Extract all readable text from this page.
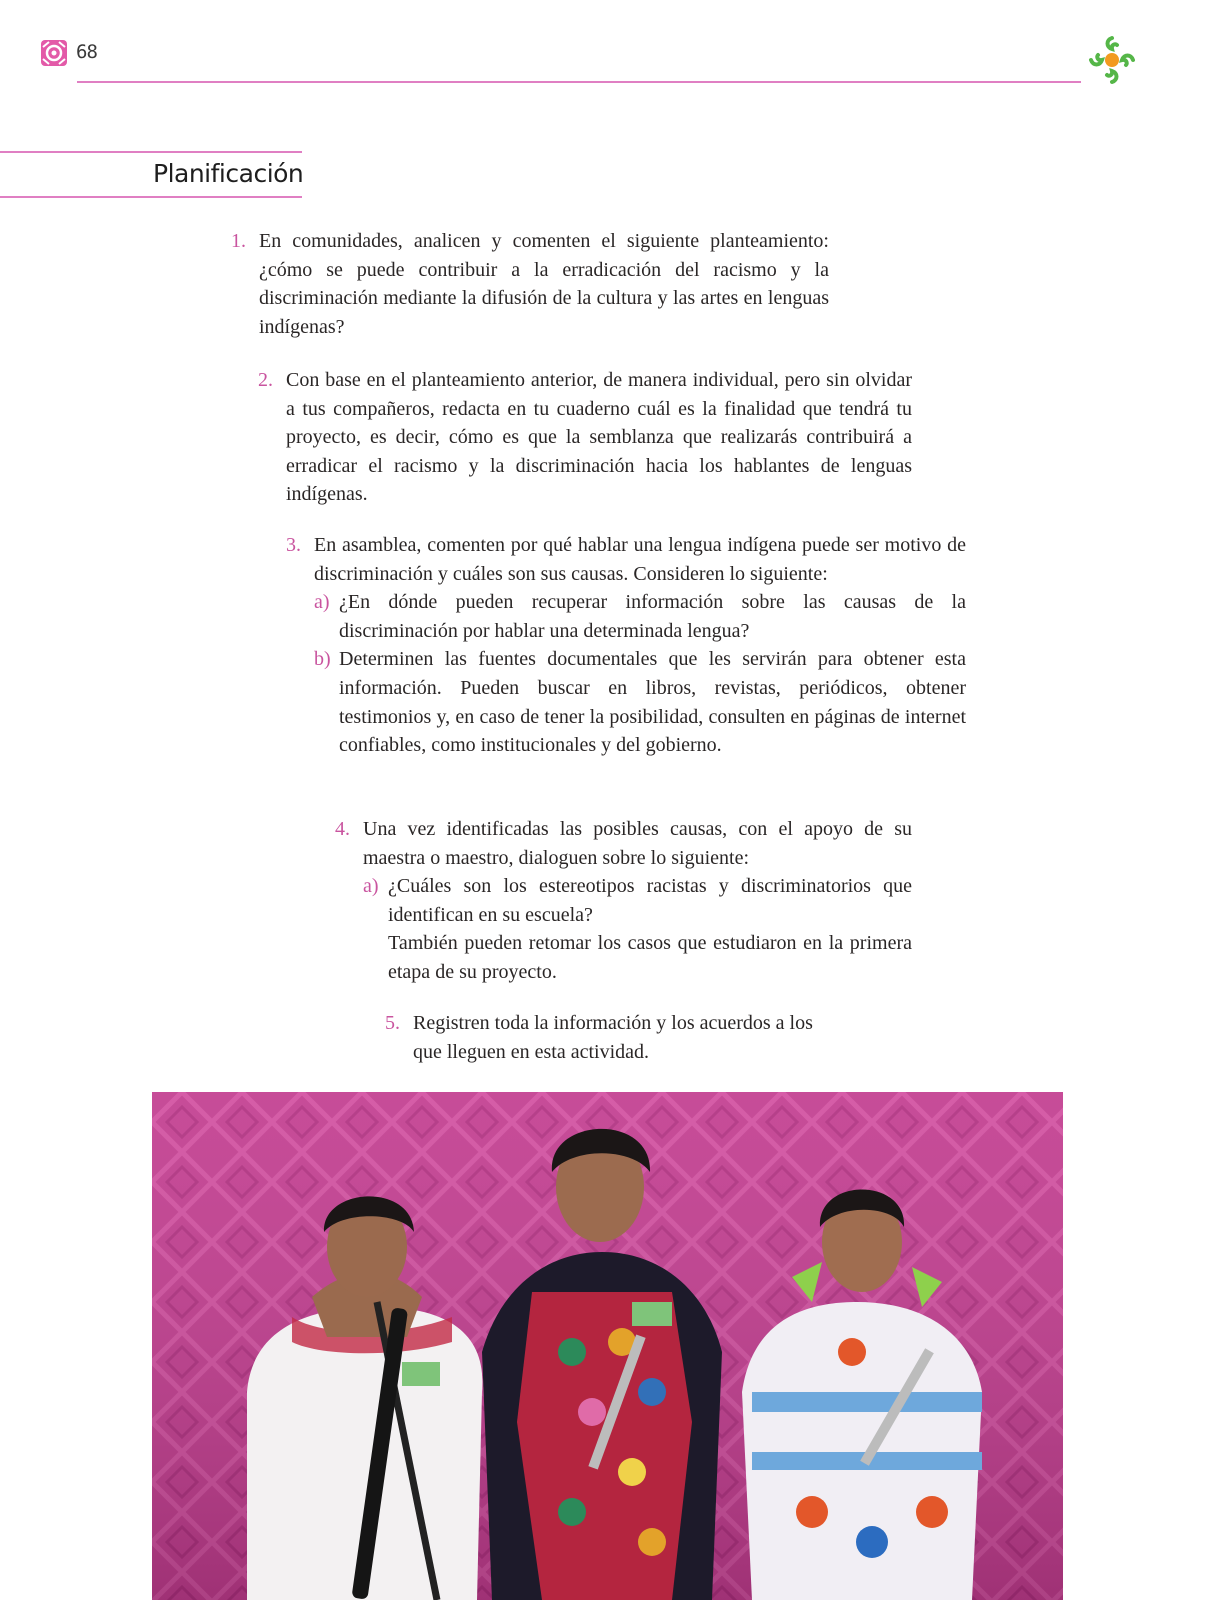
68
Planificación
1. En comunidades, analicen y comenten el siguiente planteamiento: ¿cómo se puede contribuir a la erradicación del racismo y la discriminación mediante la difusión de la cultura y las artes en lenguas indígenas?
2. Con base en el planteamiento anterior, de manera individual, pero sin olvidar a tus compañeros, redacta en tu cuaderno cuál es la finalidad que tendrá tu proyecto, es decir, cómo es que la semblanza que realizarás contribuirá a erradicar el racismo y la discriminación hacia los hablantes de lenguas indígenas.
3. En asamblea, comenten por qué hablar una lengua indígena puede ser motivo de discriminación y cuáles son sus causas. Consideren lo siguiente:
a) ¿En dónde pueden recuperar información sobre las causas de la discriminación por hablar una determinada lengua?
b) Determinen las fuentes documentales que les servirán para obtener esta información. Pueden buscar en libros, revistas, periódicos, obtener testimonios y, en caso de tener la posibilidad, consulten en páginas de internet confiables, como institucionales y del gobierno.
4. Una vez identificadas las posibles causas, con el apoyo de su maestra o maestro, dialoguen sobre lo siguiente:
a) ¿Cuáles son los estereotipos racistas y discriminatorios que identifican en su escuela?
También pueden retomar los casos que estudiaron en la primera etapa de su proyecto.
5. Registren toda la información y los acuerdos a los que lleguen en esta actividad.
